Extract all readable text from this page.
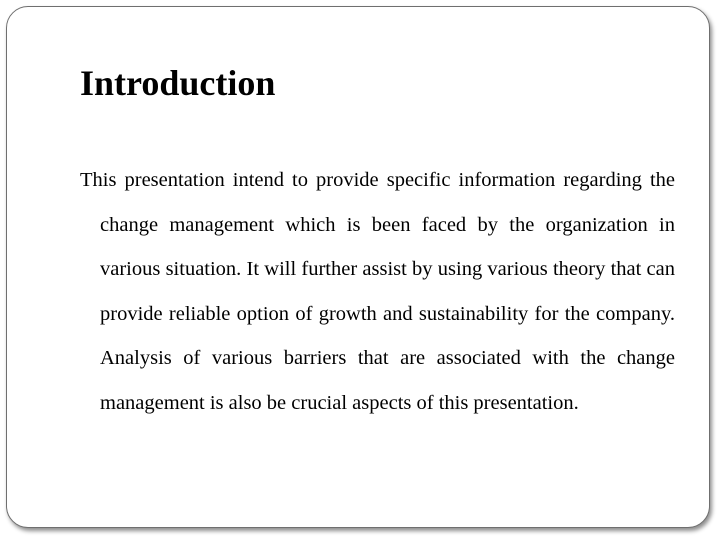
Introduction

This presentation intend to provide specific information regarding the change management which is been faced by the organization in various situation. It will further assist by using various theory that can provide reliable option of growth and sustainability for the company. Analysis of various barriers that are associated with the change management is also be crucial aspects of this presentation.
